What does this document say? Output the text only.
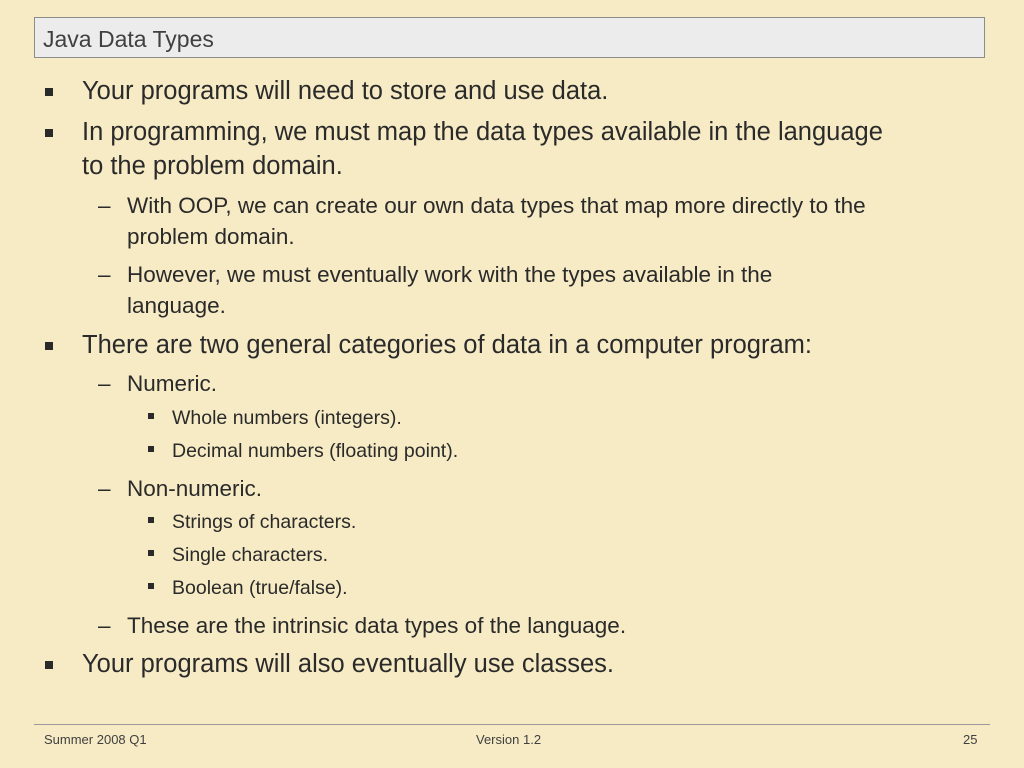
Java Data Types
Your programs will need to store and use data.
In programming, we must map the data types available in the language
to the problem domain.
– With OOP, we can create our own data types that map more directly to the
problem domain.
– However, we must eventually work with the types available in the
language.
There are two general categories of data in a computer program:
– Numeric.
Whole numbers (integers).
Decimal numbers (floating point).
– Non-numeric.
Strings of characters.
Single characters.
Boolean (true/false).
– These are the intrinsic data types of the language.
Your programs will also eventually use classes.
Summer 2008 Q1	Version 1.2	25
